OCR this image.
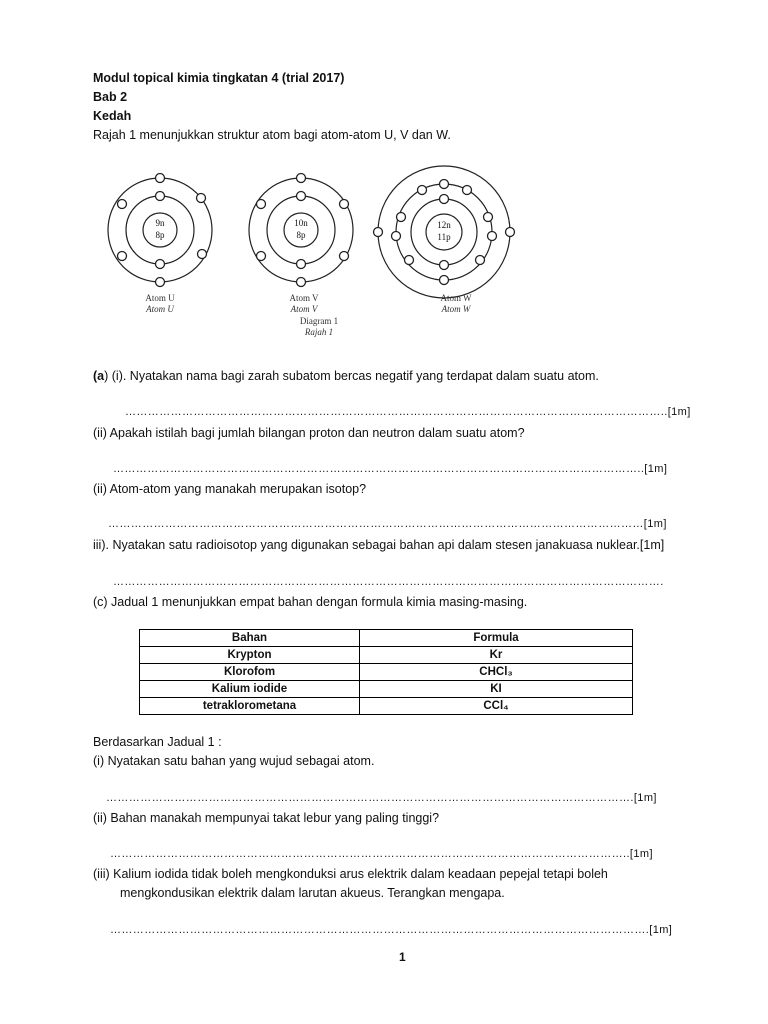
Modul topical kimia tingkatan 4 (trial 2017)
Bab 2
Kedah
Rajah 1 menunjukkan struktur atom bagi atom-atom U, V dan W.
9n
8p
Atom U
Atom U
10n
8p
Atom V
Atom V
Diagram 1
Rajah 1
12n
11p
Atom W
Atom W
(a) (i). Nyatakan nama bagi zarah subatom bercas negatif yang terdapat dalam suatu atom.
……………………………………………………………………………………………………………………………..[1m]
(ii) Apakah istilah bagi jumlah bilangan proton dan neutron dalam suatu atom?
…………………………………………………………………………………………………………………………..[1m]
(ii) Atom-atom yang manakah merupakan isotop?
……………………………………………………………………………………………………………………………[1m]
iii). Nyatakan satu radioisotop yang digunakan sebagai bahan api dalam stesen janakuasa nuklear.[1m]
……………………………………………………………………………………………………………………………….
(c) Jadual 1 menunjukkan empat bahan dengan formula kimia masing-masing.
Bahan	Formula
Krypton	Kr
Klorofom	CHCl₃
Kalium iodide	KI
tetraklorometana	CCl₄
Berdasarkan Jadual 1 :
(i) Nyatakan satu bahan yang wujud sebagai atom.
………………………………………………………………………………………………………………………….[1m]
(ii) Bahan manakah mempunyai takat lebur yang paling tinggi?
………………………………………………………………………………………………………………………..[1m]
(iii) Kalium iodida tidak boleh mengkonduksi arus elektrik dalam keadaan pepejal tetapi boleh
mengkondusikan elektrik dalam larutan akueus. Terangkan mengapa.
…………………………………………………………………………………………………………………………….[1m]
1
